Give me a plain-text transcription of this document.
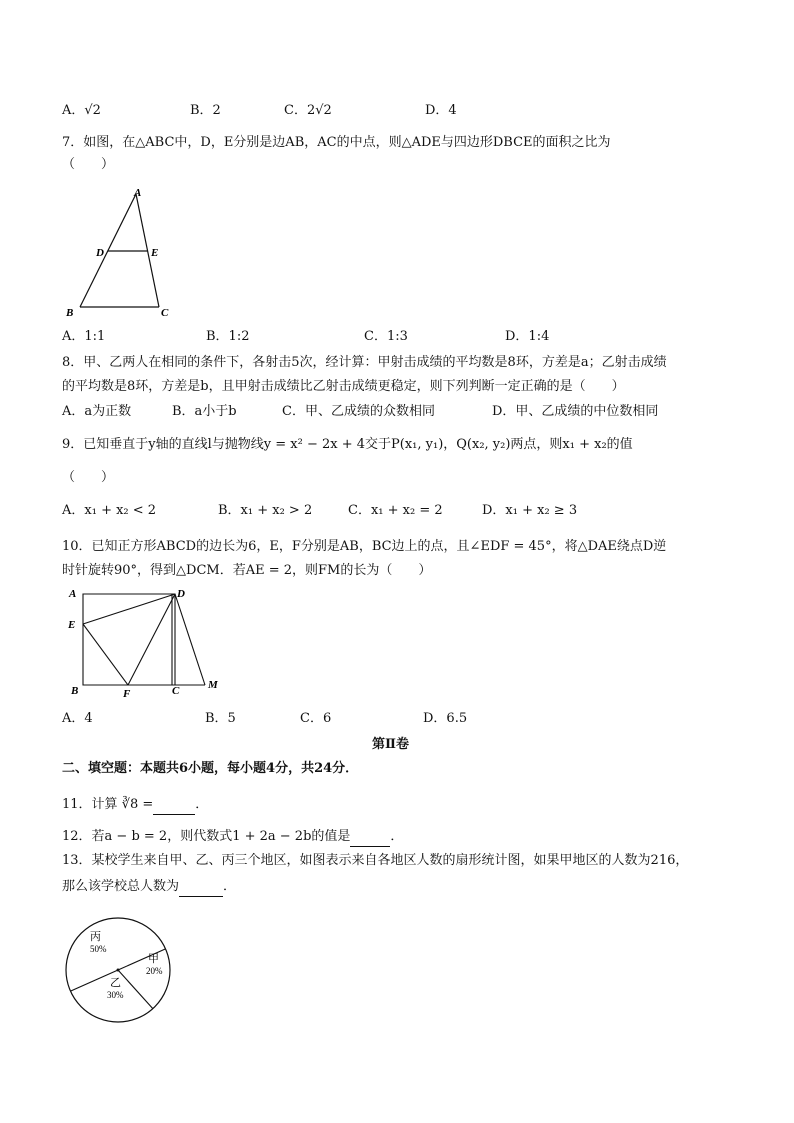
A．√2	B．2	C．2√2	D．4
7．如图，在△ABC中，D，E分别是边AB，AC的中点，则△ADE与四边形DBCE的面积之比为
（　　）
A
D	E
B	C
A．1:1	B．1:2	C．1:3	D．1:4
8．甲、乙两人在相同的条件下，各射击5次，经计算：甲射击成绩的平均数是8环，方差是a；乙射击成绩
的平均数是8环，方差是b，且甲射击成绩比乙射击成绩更稳定，则下列判断一定正确的是（　　）
A．a为正数	B．a小于b	C．甲、乙成绩的众数相同	D．甲、乙成绩的中位数相同
9．已知垂直于y轴的直线l与抛物线y = x² − 2x + 4交于P(x₁, y₁)，Q(x₂, y₂)两点，则x₁ + x₂的值
（　　）
A．x₁ + x₂ < 2	B．x₁ + x₂ > 2	C．x₁ + x₂ = 2	D．x₁ + x₂ ≥ 3
10．已知正方形ABCD的边长为6，E，F分别是AB，BC边上的点，且∠EDF = 45°，将△DAE绕点D逆
时针旋转90°，得到△DCM．若AE = 2，则FM的长为（　　）
A	D
E
B	F	C	M
A．4	B．5	C．6	D．6.5
第Ⅱ卷
二、填空题：本题共6小题，每小题4分，共24分．
11．计算 ∛8 =	．
12．若a − b = 2，则代数式1 + 2a − 2b的值是	．
13．某校学生来自甲、乙、丙三个地区，如图表示来自各地区人数的扇形统计图，如果甲地区的人数为216，
那么该学校总人数为	．
丙
50%
甲
20%
乙
30%
